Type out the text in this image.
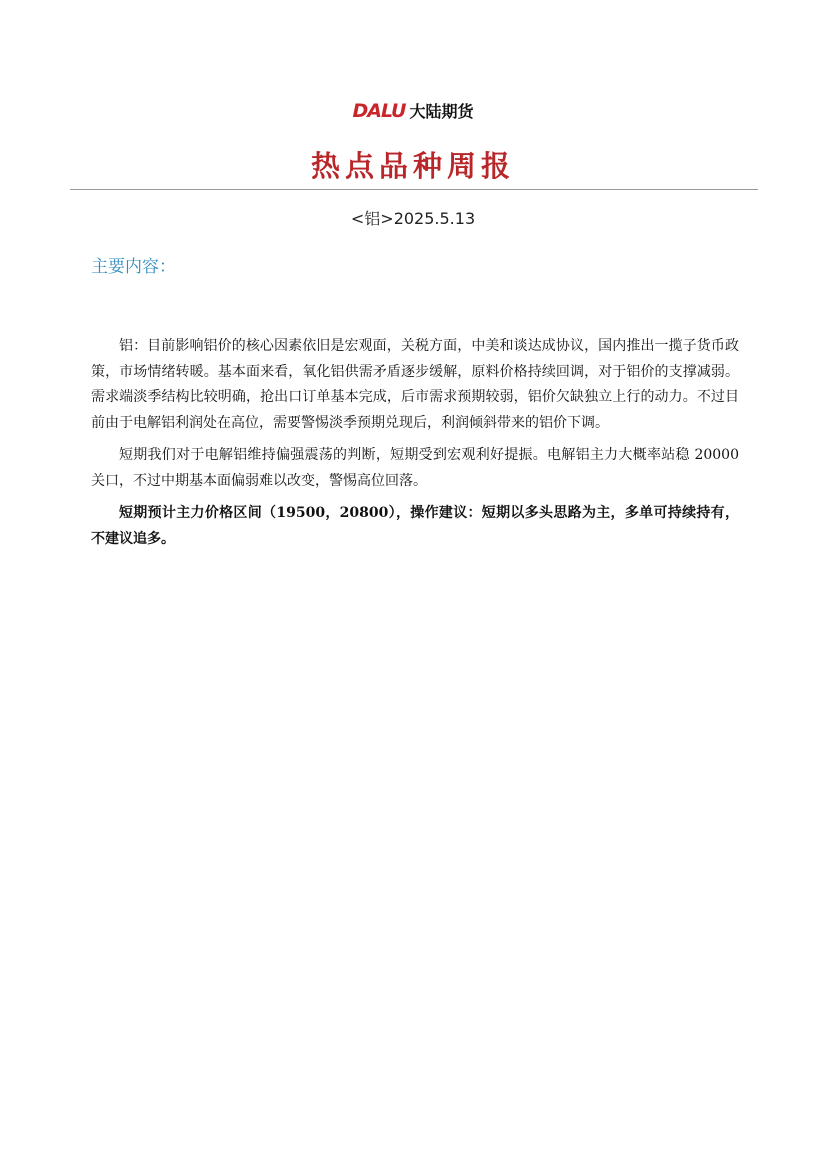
DALU 大陆期货
热点品种周报
<铝>2025.5.13
主要内容：

铝：目前影响铝价的核心因素依旧是宏观面，关税方面，中美和谈达成协议，国内推出一揽子货币政策，市场情绪转暖。基本面来看，氧化铝供需矛盾逐步缓解，原料价格持续回调，对于铝价的支撑减弱。需求端淡季结构比较明确，抢出口订单基本完成，后市需求预期较弱，铝价欠缺独立上行的动力。不过目前由于电解铝利润处在高位，需要警惕淡季预期兑现后，利润倾斜带来的铝价下调。

短期我们对于电解铝维持偏强震荡的判断，短期受到宏观利好提振。电解铝主力大概率站稳 20000 关口，不过中期基本面偏弱难以改变，警惕高位回落。

短期预计主力价格区间（19500，20800），操作建议：短期以多头思路为主，多单可持续持有，不建议追多。
